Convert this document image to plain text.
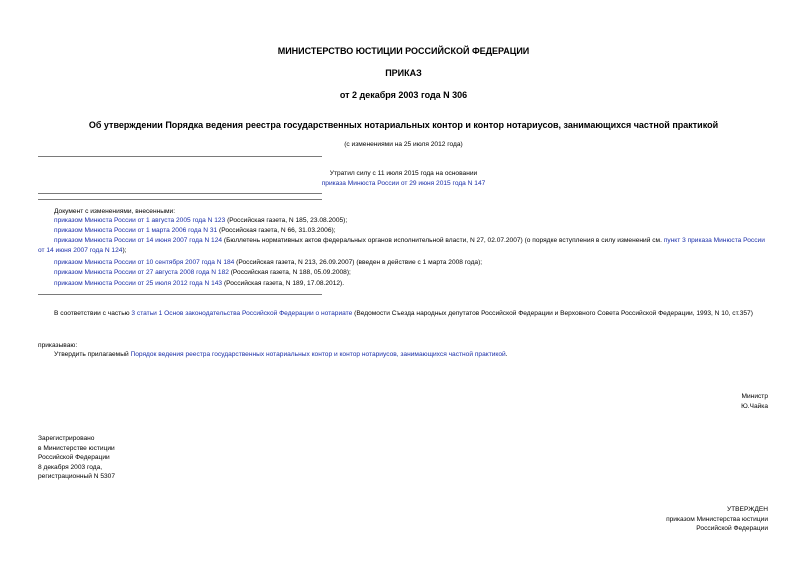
МИНИСТЕРСТВО ЮСТИЦИИ РОССИЙСКОЙ ФЕДЕРАЦИИ
ПРИКАЗ
от 2 декабря 2003 года N 306
Об утверждении Порядка ведения реестра государственных нотариальных контор и контор нотариусов, занимающихся частной практикой
(с изменениями на 25 июля 2012 года)
Утратил силу с 11 июля 2015 года на основании
приказа Минюста России от 29 июня 2015 года N 147
Документ с изменениями, внесенными:
приказом Минюста России от 1 августа 2005 года N 123 (Российская газета, N 185, 23.08.2005);
приказом Минюста России от 1 марта 2006 года N 31 (Российская газета, N 66, 31.03.2006);
приказом Минюста России от 14 июня 2007 года N 124 (Бюллетень нормативных актов федеральных органов исполнительной власти, N 27, 02.07.2007) (о порядке вступления в силу изменений см. пункт 3 приказа Минюста России от 14 июня 2007 года N 124);
приказом Минюста России от 10 сентября 2007 года N 184 (Российская газета, N 213, 26.09.2007) (введен в действие с 1 марта 2008 года);
приказом Минюста России от 27 августа 2008 года N 182 (Российская газета, N 188, 05.09.2008);
приказом Минюста России от 25 июля 2012 года N 143 (Российская газета, N 189, 17.08.2012).
В соответствии с частью 3 статьи 1 Основ законодательства Российской Федерации о нотариате (Ведомости Съезда народных депутатов Российской Федерации и Верховного Совета Российской Федерации, 1993, N 10, ст.357)
приказываю:
Утвердить прилагаемый Порядок ведения реестра государственных нотариальных контор и контор нотариусов, занимающихся частной практикой.
Министр
Ю.Чайка
Зарегистрировано
в Министерстве юстиции
Российской Федерации
8 декабря 2003 года,
регистрационный N 5307
УТВЕРЖДЕН
приказом Министерства юстиции
Российской Федерации
